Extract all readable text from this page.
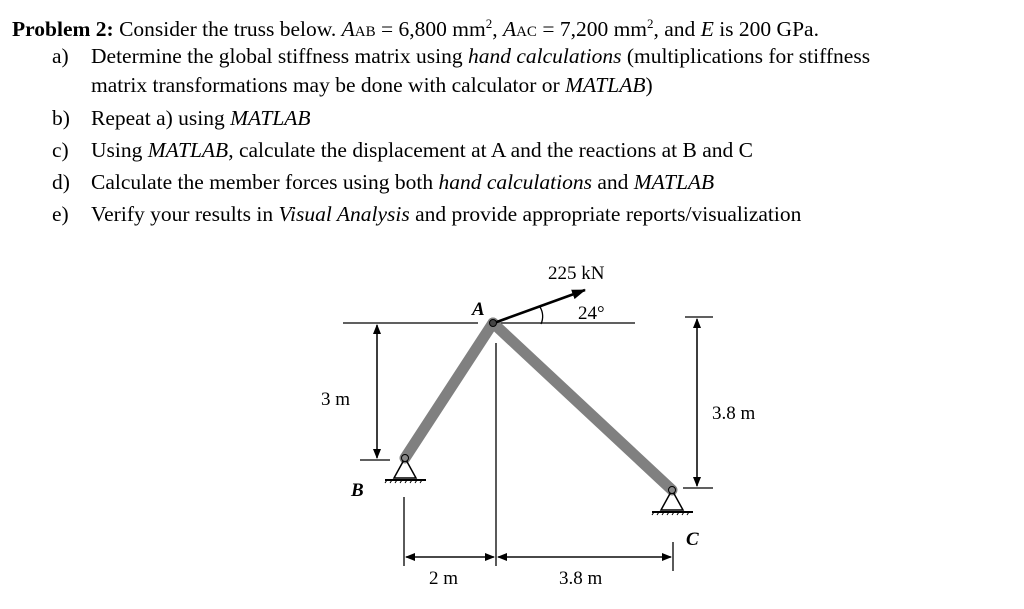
Problem 2: Consider the truss below. AAB = 6,800 $mm^2$, AAC = 7,200 $mm^2$, and E is 200 GPa.
a) Determine the global stiffness matrix using hand calculations (multiplications for stiffness
matrix transformations may be done with calculator or MATLAB)
b) Repeat a) using MATLAB
c) Using MATLAB, calculate the displacement at A and the reactions at B and C
d) Calculate the member forces using both hand calculations and MATLAB
e) Verify your results in Visual Analysis and provide appropriate reports/visualization
225 kN
24°
A
B
C
3 m
3.8 m
2 m	3.8 m
